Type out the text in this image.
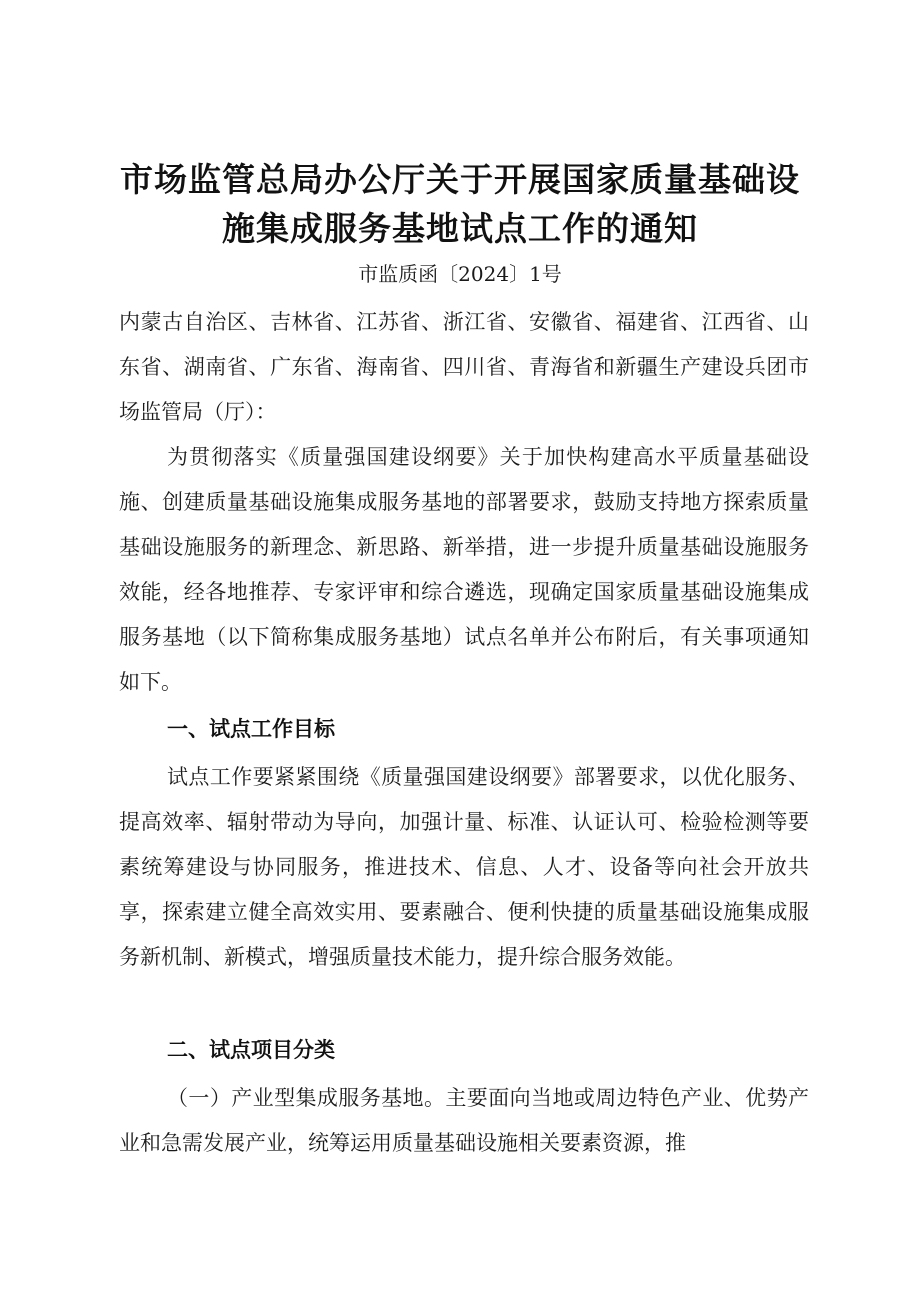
市场监管总局办公厅关于开展国家质量基础设
施集成服务基地试点工作的通知
市监质函〔2024〕1号
内蒙古自治区、吉林省、江苏省、浙江省、安徽省、福建省、江西省、山东省、湖南省、广东省、海南省、四川省、青海省和新疆生产建设兵团市场监管局（厅）：
为贯彻落实《质量强国建设纲要》关于加快构建高水平质量基础设施、创建质量基础设施集成服务基地的部署要求，鼓励支持地方探索质量基础设施服务的新理念、新思路、新举措，进一步提升质量基础设施服务效能，经各地推荐、专家评审和综合遴选，现确定国家质量基础设施集成服务基地（以下简称集成服务基地）试点名单并公布附后，有关事项通知如下。
一、试点工作目标
试点工作要紧紧围绕《质量强国建设纲要》部署要求，以优化服务、提高效率、辐射带动为导向，加强计量、标准、认证认可、检验检测等要素统筹建设与协同服务，推进技术、信息、人才、设备等向社会开放共享，探索建立健全高效实用、要素融合、便利快捷的质量基础设施集成服务新机制、新模式，增强质量技术能力，提升综合服务效能。
二、试点项目分类
（一）产业型集成服务基地。主要面向当地或周边特色产业、优势产业和急需发展产业，统筹运用质量基础设施相关要素资源，推
